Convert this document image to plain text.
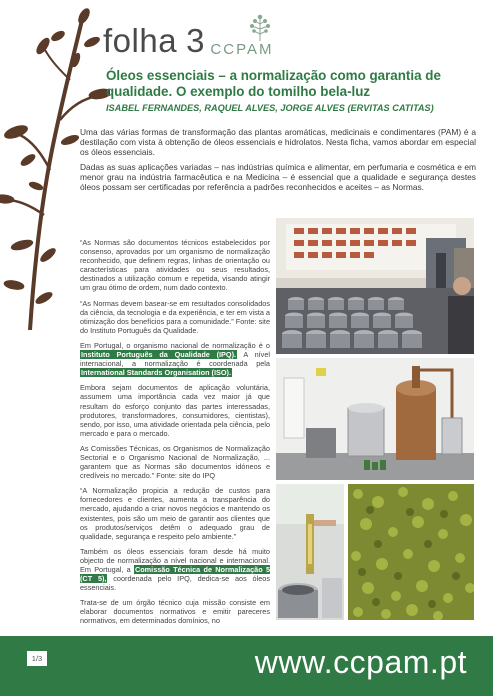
folha 3 CCPAM
Óleos essenciais – a normalização como garantia de qualidade. O exemplo do tomilho bela-luz
ISABEL FERNANDES, RAQUEL ALVES, JORGE ALVES (ERVITAS CATITAS)

Uma das várias formas de transformação das plantas aromáticas, medicinais e condimentares (PAM) é a destilação com vista à obtenção de óleos essenciais e hidrolatos. Nesta ficha, vamos abordar em especial os óleos essenciais.

Dadas as suas aplicações variadas – nas indústrias química e alimentar, em perfumaria e cosmética e em menor grau na indústria farmacêutica e na Medicina – é essencial que a qualidade e segurança destes óleos possam ser certificadas por referência a padrões reconhecidos e aceites – as Normas.

“As Normas são documentos técnicos estabelecidos por consenso, aprovados por um organismo de normalização reconhecido, que definem regras, linhas de orientação ou características para atividades ou seus resultados, destinados a utilização comum e repetida, visando atingir um grau ótimo de ordem, num dado contexto.

“As Normas devem basear-se em resultados consolidados da ciência, da tecnologia e da experiência, e ter em vista a otimização dos benefícios para a comunidade.” Fonte: site do Instituto Português da Qualidade.

Em Portugal, o organismo nacional de normalização é o Instituto Português da Qualidade (IPQ). A nível internacional, a normalização é coordenada pela International Standards Organisation (ISO).

Embora sejam documentos de aplicação voluntária, assumem uma importância cada vez maior já que resultam do esforço conjunto das partes interessadas, produtores, transformadores, consumidores, cientistas), sendo, por isso, uma atividade orientada pela ciência, pelo mercado e para o mercado.

As Comissões Técnicas, os Organismos de Normalização Sectorial e o Organismo Nacional de Normalização, ... garantem que as Normas são documentos idóneos e credíveis no mercado.” Fonte: site do IPQ

“A Normalização propicia a redução de custos para fornecedores e clientes, aumenta a transparência do mercado, ajudando a criar novos negócios e mantendo os existentes, pois são um meio de garantir aos clientes que os produtos/serviços detêm o adequado grau de qualidade, segurança e respeito pelo ambiente.”

Também os óleos essenciais foram desde há muito objecto de normalização a nível nacional e internacional. Em Portugal, a Comissão Técnica de Normalização 5 (CT 5), coordenada pelo IPQ, dedica-se aos óleos essenciais.

Trata-se de um órgão técnico cuja missão consiste em elaborar documentos normativos e emitir pareceres normativos, em determinados domínios, no

1/3	www.ccpam.pt
